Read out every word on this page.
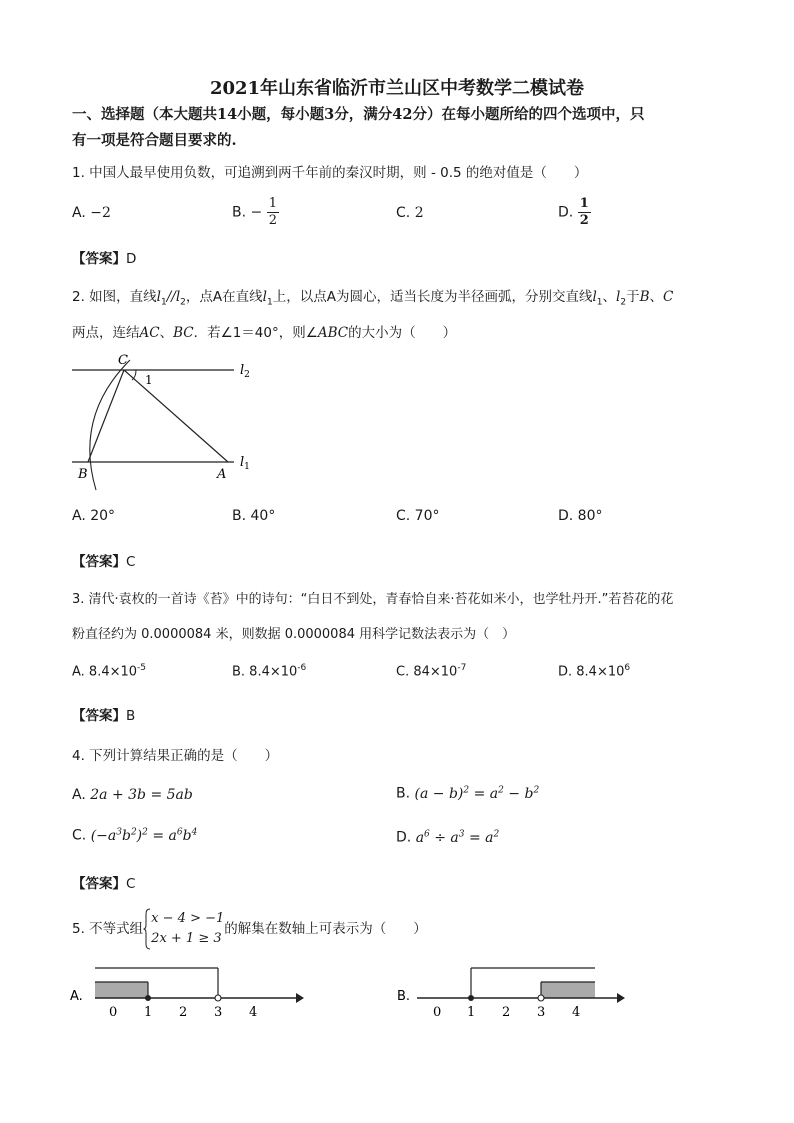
2021年山东省临沂市兰山区中考数学二模试卷
一、选择题（本大题共14小题，每小题3分，满分42分）在每小题所给的四个选项中，只
有一项是符合题目要求的.
1. 中国人最早使用负数，可追溯到两千年前的秦汉时期，则 - 0.5 的绝对值是（　　）
A. −2	B. − $\frac{1}{2}$	C. 2	D. $\frac{1}{2}$
【答案】D
2. 如图，直线$l_1//l_2$，点A在直线$l_1$上，以点A为圆心，适当长度为半径画弧，分别交直线$l_1$、$l_2$于B、C
两点，连结AC、BC．若∠1＝40°，则∠ABC的大小为（　　）
C
1
$l_2$
$l_1$
B	A
A. 20°	B. 40°	C. 70°	D. 80°
【答案】C
3. 清代·袁枚的一首诗《苔》中的诗句：“白日不到处，青春恰自来·苔花如米小，也学牡丹开.”若苔花的花
粉直径约为 0.0000084 米，则数据 0.0000084 用科学记数法表示为（　）
A. $8.4\times 10^{-5}$	B. $8.4\times 10^{-6}$	C. $84\times 10^{-7}$	D. $8.4\times 10^6$
【答案】B
4. 下列计算结果正确的是（　　）
A. 2a + 3b = 5ab	B. $(a - b)^2 = a^2 - b^2$
C. $(-a^3b^2)^2 = a^6b^4$	D. $a^6 \div a^3 = a^2$
【答案】C
5. 不等式组
x − 4 > −1
2x + 1 ≥ 3
的解集在数轴上可表示为（　　）
A.
0 1 2 3 4
B.
0 1 2 3 4
